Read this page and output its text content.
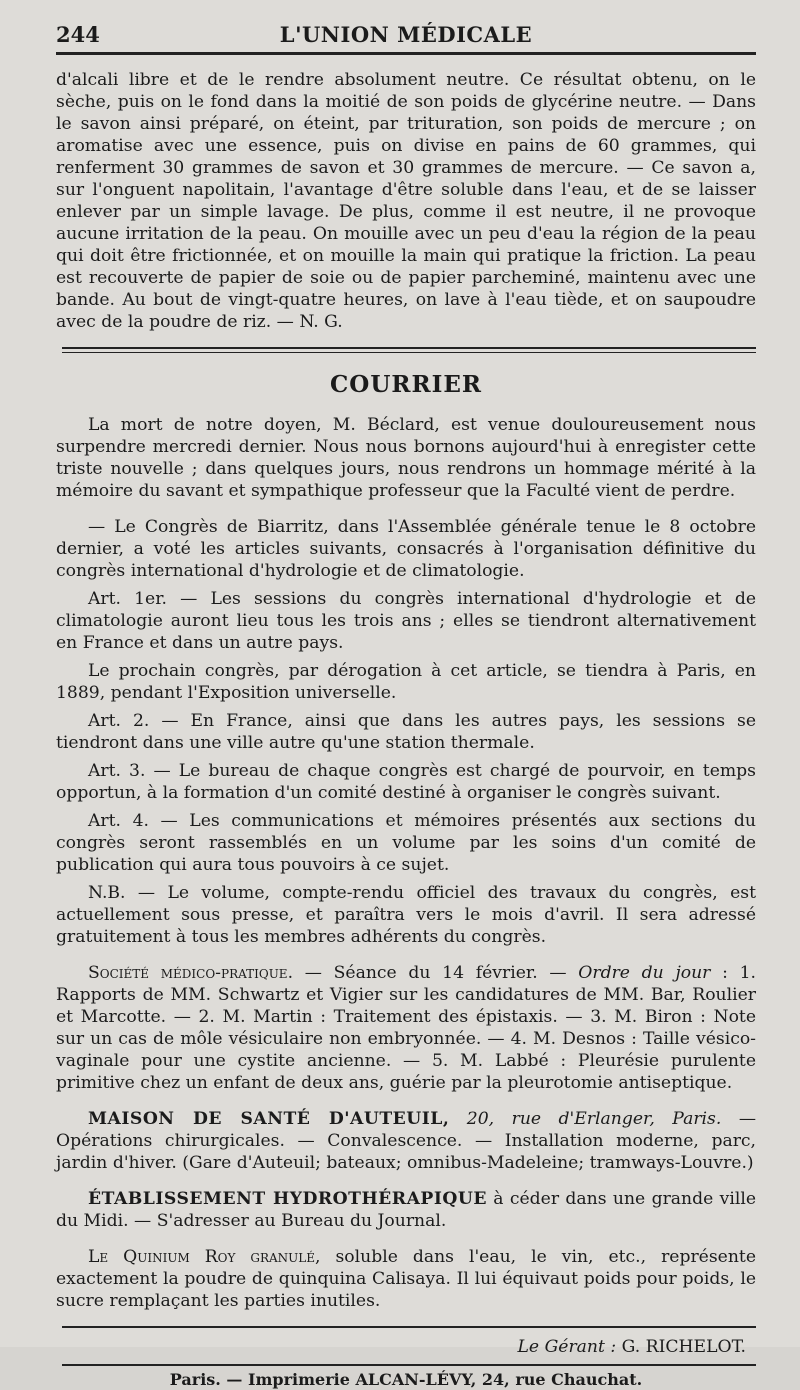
244	L'UNION MÉDICALE

d'alcali libre et de le rendre absolument neutre. Ce résultat obtenu, on le sèche, puis on le fond dans la moitié de son poids de glycérine neutre. — Dans le savon ainsi préparé, on éteint, par trituration, son poids de mercure ; on aromatise avec une essence, puis on divise en pains de 60 grammes, qui renferment 30 grammes de savon et 30 grammes de mercure. — Ce savon a, sur l'onguent napolitain, l'avantage d'être soluble dans l'eau, et de se laisser enlever par un simple lavage. De plus, comme il est neutre, il ne provoque aucune irritation de la peau. On mouille avec un peu d'eau la région de la peau qui doit être frictionnée, et on mouille la main qui pratique la friction. La peau est recouverte de papier de soie ou de papier parcheminé, maintenu avec une bande. Au bout de vingt-quatre heures, on lave à l'eau tiède, et on saupoudre avec de la poudre de riz. — N. G.

COURRIER

La mort de notre doyen, M. Béclard, est venue douloureusement nous surpendre mercredi dernier. Nous nous bornons aujourd'hui à enregister cette triste nouvelle ; dans quelques jours, nous rendrons un hommage mérité à la mémoire du savant et sympathique professeur que la Faculté vient de perdre.

— Le Congrès de Biarritz, dans l'Assemblée générale tenue le 8 octobre dernier, a voté les articles suivants, consacrés à l'organisation définitive du congrès international d'hydrologie et de climatologie.

Art. 1er. — Les sessions du congrès international d'hydrologie et de climatologie auront lieu tous les trois ans ; elles se tiendront alternativement en France et dans un autre pays.

Le prochain congrès, par dérogation à cet article, se tiendra à Paris, en 1889, pendant l'Exposition universelle.

Art. 2. — En France, ainsi que dans les autres pays, les sessions se tiendront dans une ville autre qu'une station thermale.

Art. 3. — Le bureau de chaque congrès est chargé de pourvoir, en temps opportun, à la formation d'un comité destiné à organiser le congrès suivant.

Art. 4. — Les communications et mémoires présentés aux sections du congrès seront rassemblés en un volume par les soins d'un comité de publication qui aura tous pouvoirs à ce sujet.

N.B. — Le volume, compte-rendu officiel des travaux du congrès, est actuellement sous presse, et paraîtra vers le mois d'avril. Il sera adressé gratuitement à tous les membres adhérents du congrès.

Société médico-pratique. — Séance du 14 février. — Ordre du jour : 1. Rapports de MM. Schwartz et Vigier sur les candidatures de MM. Bar, Roulier et Marcotte. — 2. M. Martin : Traitement des épistaxis. — 3. M. Biron : Note sur un cas de môle vésiculaire non embryonnée. — 4. M. Desnos : Taille vésico-vaginale pour une cystite ancienne. — 5. M. Labbé : Pleurésie purulente primitive chez un enfant de deux ans, guérie par la pleurotomie antiseptique.

MAISON DE SANTÉ D'AUTEUIL, 20, rue d'Erlanger, Paris. — Opérations chirurgicales. — Convalescence. — Installation moderne, parc, jardin d'hiver. (Gare d'Auteuil; bateaux; omnibus-Madeleine; tramways-Louvre.)

ÉTABLISSEMENT HYDROTHÉRAPIQUE à céder dans une grande ville du Midi. — S'adresser au Bureau du Journal.

Le Quinium Roy granulé, soluble dans l'eau, le vin, etc., représente exactement la poudre de quinquina Calisaya. Il lui équivaut poids pour poids, le sucre remplaçant les parties inutiles.

Le Gérant : G. RICHELOT.
Paris. — Imprimerie ALCAN-LÉVY, 24, rue Chauchat.
